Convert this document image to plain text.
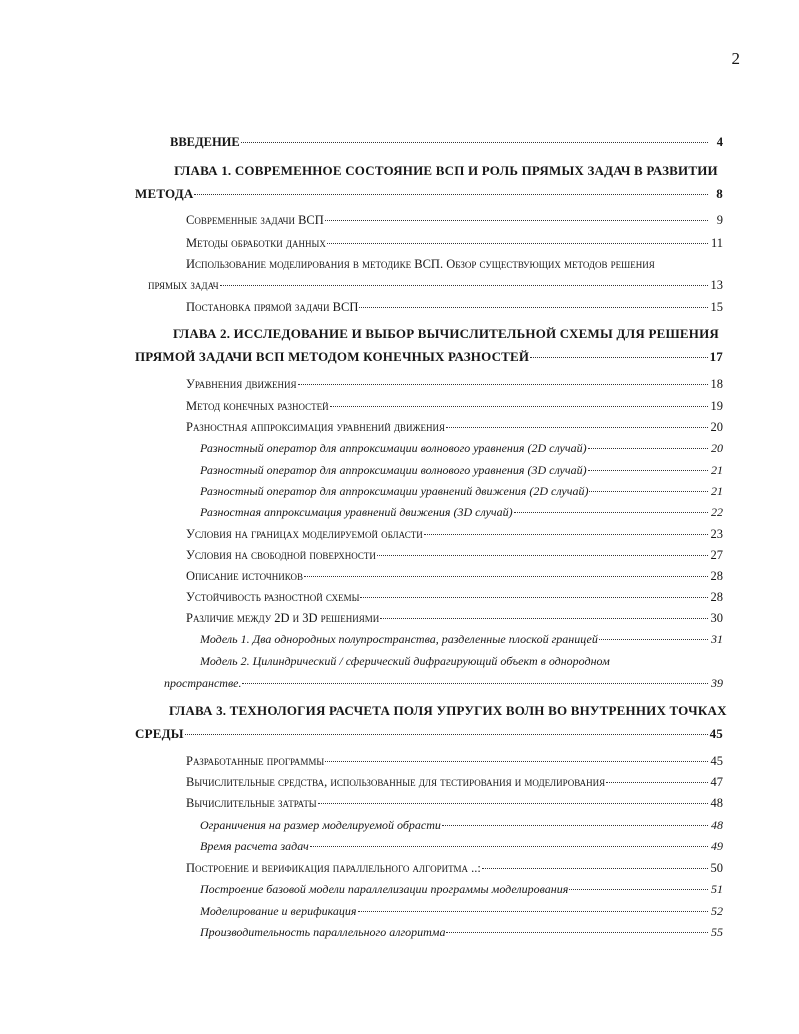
2
ВВЕДЕНИЕ	4
ГЛАВА 1. СОВРЕМЕННОЕ СОСТОЯНИЕ ВСП И РОЛЬ ПРЯМЫХ ЗАДАЧ В РАЗВИТИИ
МЕТОДА	8
Современные задачи ВСП	9
Методы обработки данных	11
Использование моделирования в методике ВСП. Обзор существующих методов решения
прямых задач	13
Постановка прямой задачи ВСП	15
ГЛАВА 2. ИССЛЕДОВАНИЕ И ВЫБОР ВЫЧИСЛИТЕЛЬНОЙ СХЕМЫ ДЛЯ РЕШЕНИЯ
ПРЯМОЙ ЗАДАЧИ ВСП МЕТОДОМ КОНЕЧНЫХ РАЗНОСТЕЙ	17
Уравнения движения	18
Метод конечных разностей	19
Разностная аппроксимация уравнений движения	20
Разностный оператор для аппроксимации волнового уравнения (2D случай)	20
Разностный оператор для аппроксимации волнового уравнения (3D случай)	21
Разностный оператор для аппроксимации уравнений движения (2D случай)	21
Разностная аппроксимация уравнений движения (3D случай)	22
Условия на границах моделируемой области	23
Условия на свободной поверхности	27
Описание источников	28
Устойчивость разностной схемы	28
Различие между 2D и 3D решениями	30
Модель 1. Два однородных полупространства, разделенные плоской границей	31
Модель 2. Цилиндрический / сферический дифрагирующий объект в однородном
пространстве.	39
ГЛАВА 3. ТЕХНОЛОГИЯ РАСЧЕТА ПОЛЯ УПРУГИХ ВОЛН ВО ВНУТРЕННИХ ТОЧКАХ
СРЕДЫ	45
Разработанные программы	45
Вычислительные средства, использованные для тестирования и моделирования	47
Вычислительные затраты	48
Ограничения на размер моделируемой обрасти	48
Время расчета задач	49
Построение и верификация параллельного алгоритма ..:	50
Построение базовой модели параллелизации программы моделирования	51
Моделирование и верификация	52
Производительность параллельного алгоритма	55
